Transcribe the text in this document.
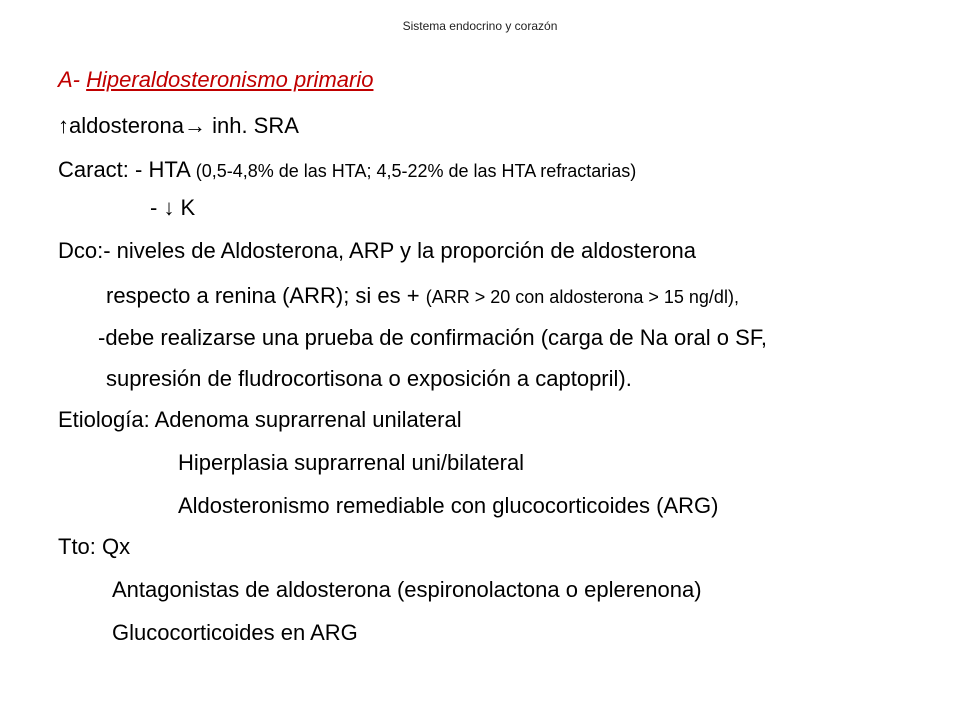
Sistema endocrino y corazón
A- Hiperaldosteronismo primario
↑aldosterona→ inh. SRA
Caract: - HTA (0,5-4,8% de las HTA; 4,5-22% de las HTA refractarias)
- ↓ K
Dco:- niveles de Aldosterona, ARP y la proporción de aldosterona
respecto a renina (ARR); si es + (ARR > 20 con aldosterona > 15 ng/dl),
-debe realizarse una prueba de confirmación (carga de Na oral o SF,
supresión de fludrocortisona o exposición a captopril).
Etiología: Adenoma suprarrenal unilateral
Hiperplasia suprarrenal uni/bilateral
Aldosteronismo remediable con glucocorticoides (ARG)
Tto: Qx
Antagonistas de aldosterona (espironolactona o eplerenona)
Glucocorticoides en ARG
